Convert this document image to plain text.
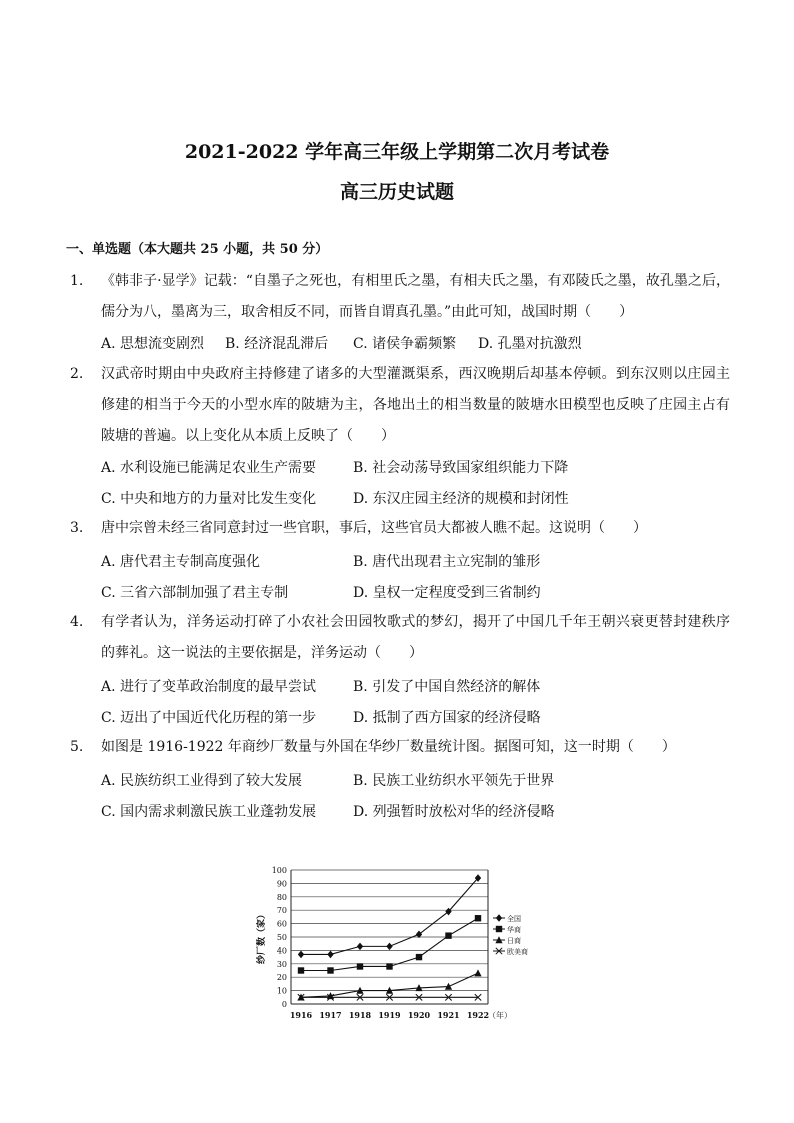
2021-2022 学年高三年级上学期第二次月考试卷
高三历史试题
一、单选题（本大题共 25 小题，共 50 分）
1. 《韩非子·显学》记载：“自墨子之死也，有相里氏之墨，有相夫氏之墨，有邓陵氏之墨，故孔墨之后，儒分为八，墨离为三，取舍相反不同，而皆自谓真孔墨。”由此可知，战国时期（　　）
A. 思想流变剧烈 B. 经济混乱滞后 C. 诸侯争霸频繁 D. 孔墨对抗激烈
2. 汉武帝时期由中央政府主持修建了诸多的大型灌溉渠系，西汉晚期后却基本停顿。到东汉则以庄园主修建的相当于今天的小型水库的陂塘为主，各地出土的相当数量的陂塘水田模型也反映了庄园主占有陂塘的普遍。以上变化从本质上反映了（　　）
A. 水利设施已能满足农业生产需要	B. 社会动荡导致国家组织能力下降
C. 中央和地方的力量对比发生变化	D. 东汉庄园主经济的规模和封闭性
3. 唐中宗曾未经三省同意封过一些官职，事后，这些官员大都被人瞧不起。这说明（　　）
A. 唐代君主专制高度强化	B. 唐代出现君主立宪制的雏形
C. 三省六部制加强了君主专制	D. 皇权一定程度受到三省制约
4. 有学者认为，洋务运动打碎了小农社会田园牧歌式的梦幻，揭开了中国几千年王朝兴衰更替封建秩序的葬礼。这一说法的主要依据是，洋务运动（　　）
A. 进行了变革政治制度的最早尝试	B. 引发了中国自然经济的解体
C. 迈出了中国近代化历程的第一步	D. 抵制了西方国家的经济侵略
5. 如图是 1916-1922 年商纱厂数量与外国在华纱厂数量统计图。据图可知，这一时期（　　）
A. 民族纺织工业得到了较大发展	B. 民族工业纺织水平领先于世界
C. 国内需求刺激民族工业蓬勃发展	D. 列强暂时放松对华的经济侵略
0
10
20
30
40
50
60
70
80
90
100
1916 1917 1918 1919 1920 1921 1922
（年）
纱厂数（家）	全国
华商
日商
欧美商
